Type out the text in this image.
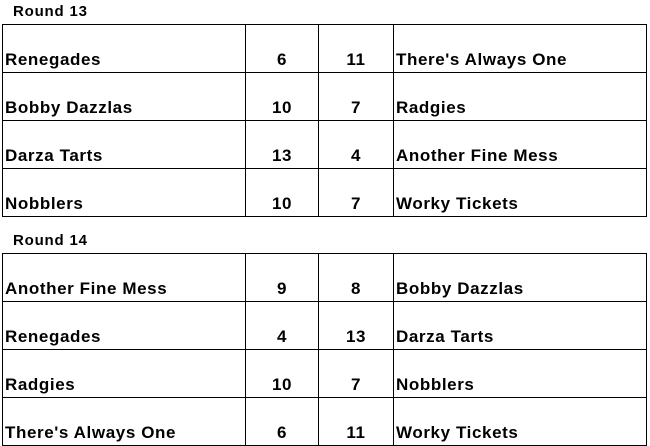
Round 13
Renegades	6	11	There's Always One
Bobby Dazzlas	10	7	Radgies
Darza Tarts	13	4	Another Fine Mess
Nobblers	10	7	Worky Tickets
Round 14
Another Fine Mess	9	8	Bobby Dazzlas
Renegades	4	13	Darza Tarts
Radgies	10	7	Nobblers
There's Always One	6	11	Worky Tickets
